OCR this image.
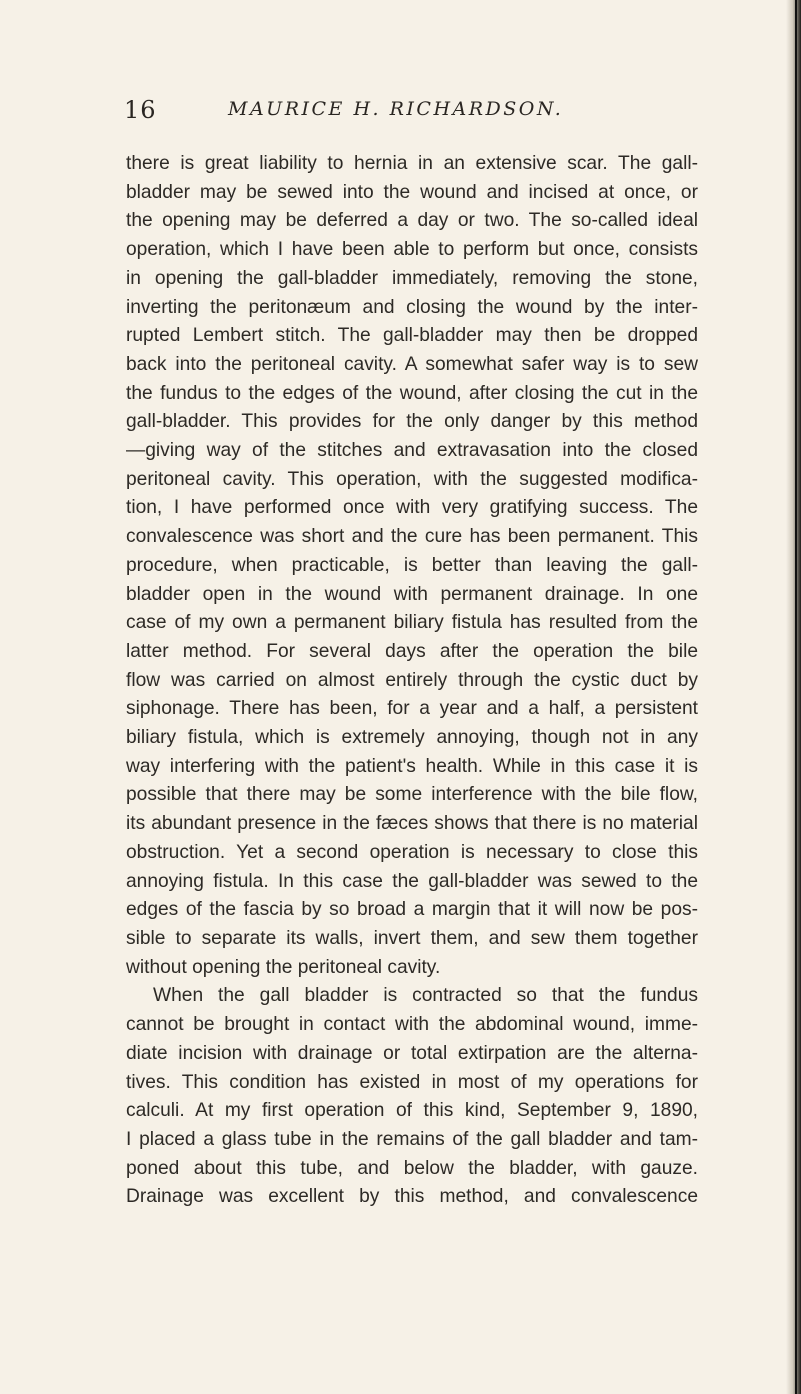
16	MAURICE H. RICHARDSON.
there is great liability to hernia in an extensive scar. The gall-
bladder may be sewed into the wound and incised at once, or
the opening may be deferred a day or two. The so-called ideal
operation, which I have been able to perform but once, consists
in opening the gall-bladder immediately, removing the stone,
inverting the peritonæum and closing the wound by the inter-
rupted Lembert stitch. The gall-bladder may then be dropped
back into the peritoneal cavity. A somewhat safer way is to sew
the fundus to the edges of the wound, after closing the cut in the
gall-bladder. This provides for the only danger by this method
—giving way of the stitches and extravasation into the closed
peritoneal cavity. This operation, with the suggested modifica-
tion, I have performed once with very gratifying success. The
convalescence was short and the cure has been permanent. This
procedure, when practicable, is better than leaving the gall-
bladder open in the wound with permanent drainage. In one
case of my own a permanent biliary fistula has resulted from the
latter method. For several days after the operation the bile
flow was carried on almost entirely through the cystic duct by
siphonage. There has been, for a year and a half, a persistent
biliary fistula, which is extremely annoying, though not in any
way interfering with the patient's health. While in this case it is
possible that there may be some interference with the bile flow,
its abundant presence in the fæces shows that there is no material
obstruction. Yet a second operation is necessary to close this
annoying fistula. In this case the gall-bladder was sewed to the
edges of the fascia by so broad a margin that it will now be pos-
sible to separate its walls, invert them, and sew them together
without opening the peritoneal cavity.
When the gall bladder is contracted so that the fundus
cannot be brought in contact with the abdominal wound, imme-
diate incision with drainage or total extirpation are the alterna-
tives. This condition has existed in most of my operations for
calculi. At my first operation of this kind, September 9, 1890,
I placed a glass tube in the remains of the gall bladder and tam-
poned about this tube, and below the bladder, with gauze.
Drainage was excellent by this method, and convalescence
